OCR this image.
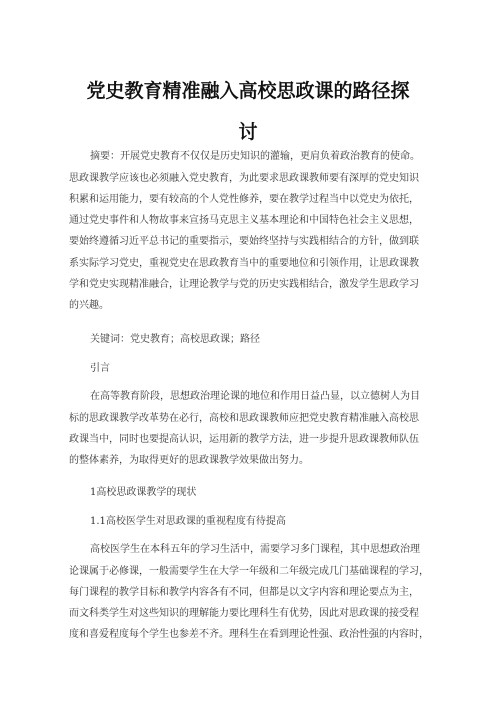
党史教育精准融入高校思政课的路径探
讨

摘要：开展党史教育不仅仅是历史知识的灌输，更肩负着政治教育的使命。

思政课教学应该也必须融入党史教育，为此要求思政课教师要有深厚的党史知识

积累和运用能力，要有较高的个人党性修养，要在教学过程当中以党史为依托，

通过党史事件和人物故事来宣扬马克思主义基本理论和中国特色社会主义思想，

要始终遵循习近平总书记的重要指示，要始终坚持与实践相结合的方针，做到联

系实际学习党史，重视党史在思政教育当中的重要地位和引领作用，让思政课教

学和党史实现精准融合，让理论教学与党的历史实践相结合，激发学生思政学习

的兴趣。

关键词：党史教育；高校思政课；路径

引言

在高等教育阶段，思想政治理论课的地位和作用日益凸显，以立德树人为目

标的思政课教学改革势在必行，高校和思政课教师应把党史教育精准融入高校思

政课当中，同时也要提高认识，运用新的教学方法，进一步提升思政课教师队伍

的整体素养，为取得更好的思政课教学效果做出努力。

1高校思政课教学的现状

1.1高校医学生对思政课的重视程度有待提高

高校医学生在本科五年的学习生活中，需要学习多门课程，其中思想政治理

论课属于必修课，一般需要学生在大学一年级和二年级完成几门基础课程的学习，

每门课程的教学目标和教学内容各有不同，但都是以文字内容和理论要点为主，

而文科类学生对这些知识的理解能力要比理科生有优势，因此对思政课的接受程

度和喜爱程度每个学生也参差不齐。理科生在看到理论性强、政治性强的内容时，
